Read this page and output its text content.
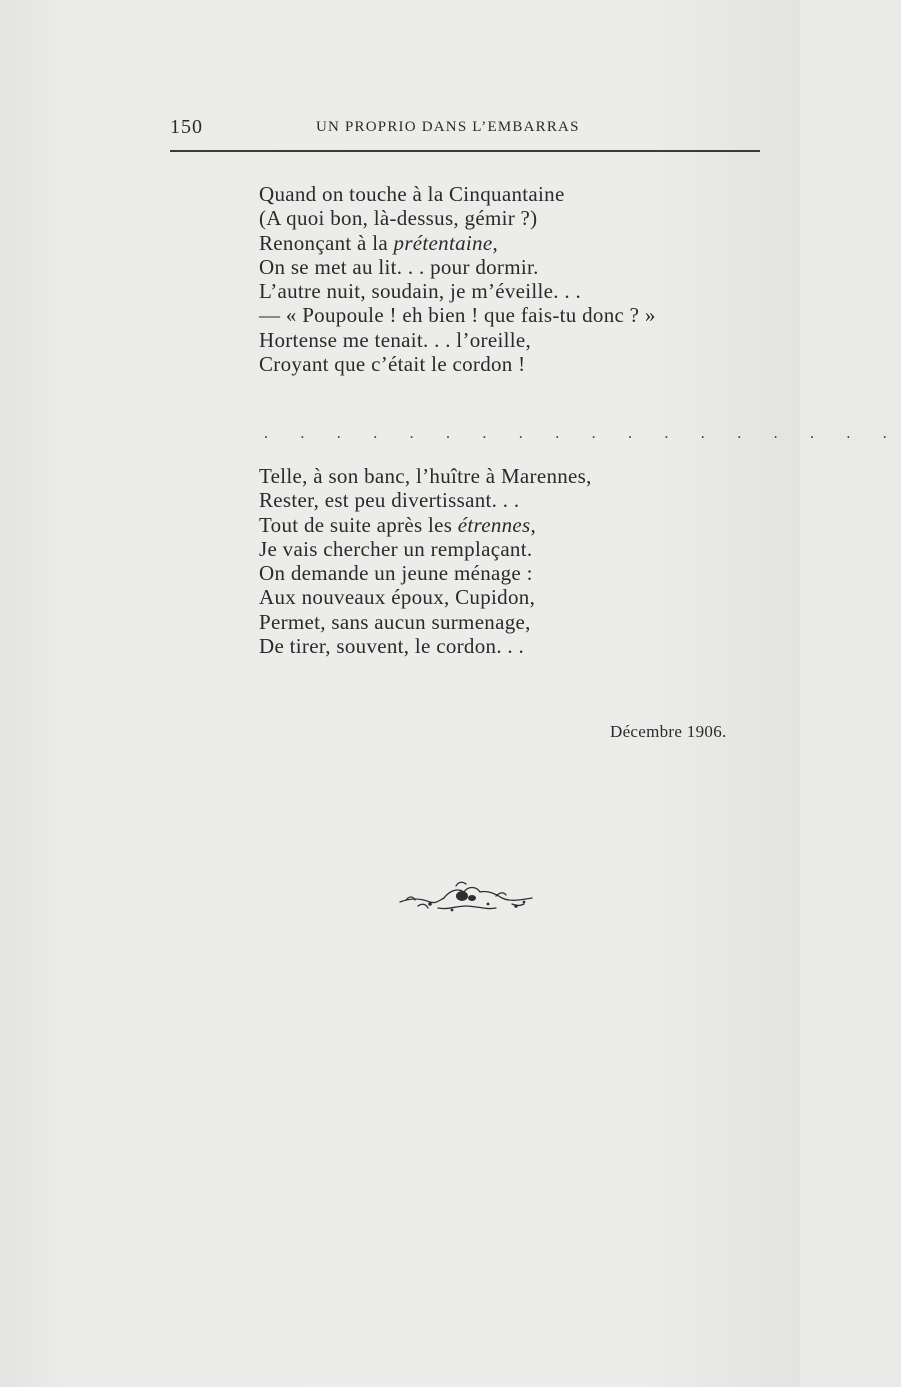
150	UN PROPRIO DANS L’EMBARRAS
Quand on touche à la Cinquantaine
(A quoi bon, là-dessus, gémir ?)
Renonçant à la prétentaine,
On se met au lit. . . pour dormir.
L’autre nuit, soudain, je m’éveille. . .
— « Poupoule ! eh bien ! que fais-tu donc ? »
Hortense me tenait. . . l’oreille,
Croyant que c’était le cordon !
. . . . . . . . . . . . . . . . . .
Telle, à son banc, l’huître à Marennes,
Rester, est peu divertissant. . .
Tout de suite après les étrennes,
Je vais chercher un remplaçant.
On demande un jeune ménage :
Aux nouveaux époux, Cupidon,
Permet, sans aucun surmenage,
De tirer, souvent, le cordon. . .
Décembre 1906.
